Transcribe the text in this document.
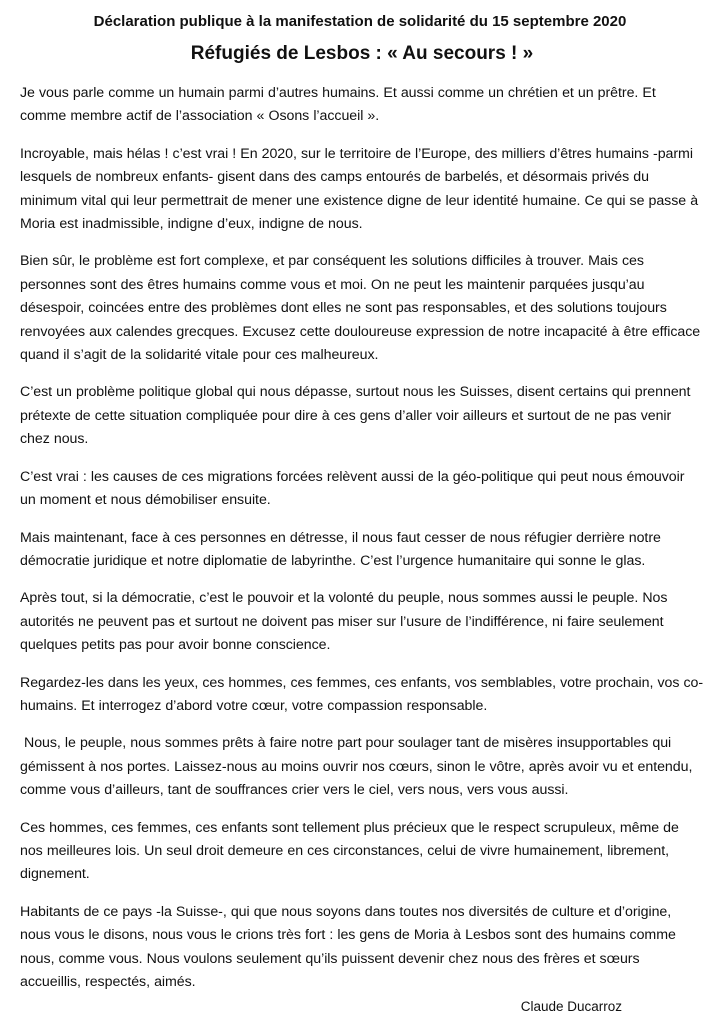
Déclaration publique à la manifestation de solidarité du 15 septembre 2020
Réfugiés de Lesbos : « Au secours ! »

Je vous parle comme un humain parmi d’autres humains. Et aussi comme un chrétien et un prêtre. Et comme membre actif de l’association « Osons l’accueil ».

Incroyable, mais hélas ! c’est vrai ! En 2020, sur le territoire de l’Europe, des milliers d’êtres humains -parmi lesquels de nombreux enfants- gisent dans des camps entourés de barbelés, et désormais privés du minimum vital qui leur permettrait de mener une existence digne de leur identité humaine. Ce qui se passe à Moria est inadmissible, indigne d’eux, indigne de nous.

Bien sûr, le problème est fort complexe, et par conséquent les solutions difficiles à trouver. Mais ces personnes sont des êtres humains comme vous et moi. On ne peut les maintenir parquées jusqu’au désespoir, coincées entre des problèmes dont elles ne sont pas responsables, et des solutions toujours renvoyées aux calendes grecques. Excusez cette douloureuse expression de notre incapacité à être efficace quand il s’agit de la solidarité vitale pour ces malheureux.

C’est un problème politique global qui nous dépasse, surtout nous les Suisses, disent certains qui prennent prétexte de cette situation compliquée pour dire à ces gens d’aller voir ailleurs et surtout de ne pas venir chez nous.

C’est vrai : les causes de ces migrations forcées relèvent aussi de la géo-politique qui peut nous émouvoir un moment et nous démobiliser ensuite.

Mais maintenant, face à ces personnes en détresse, il nous faut cesser de nous réfugier derrière notre démocratie juridique et notre diplomatie de labyrinthe. C’est l’urgence humanitaire qui sonne le glas.

Après tout, si la démocratie, c’est le pouvoir et la volonté du peuple, nous sommes aussi le peuple. Nos autorités ne peuvent pas et surtout ne doivent pas miser sur l’usure de l’indifférence, ni faire seulement quelques petits pas pour avoir bonne conscience.

Regardez-les dans les yeux, ces hommes, ces femmes, ces enfants, vos semblables, votre prochain, vos co-humains. Et interrogez d’abord votre cœur, votre compassion responsable.

Nous, le peuple, nous sommes prêts à faire notre part pour soulager tant de misères insupportables qui gémissent à nos portes. Laissez-nous au moins ouvrir nos cœurs, sinon le vôtre, après avoir vu et entendu, comme vous d’ailleurs, tant de souffrances crier vers le ciel, vers nous, vers vous aussi.

Ces hommes, ces femmes, ces enfants sont tellement plus précieux que le respect scrupuleux, même de nos meilleures lois. Un seul droit demeure en ces circonstances, celui de vivre humainement, librement, dignement.

Habitants de ce pays -la Suisse-, qui que nous soyons dans toutes nos diversités de culture et d’origine, nous vous le disons, nous vous le crions très fort : les gens de Moria à Lesbos sont des humains comme nous, comme vous. Nous voulons seulement qu’ils puissent devenir chez nous des frères et sœurs accueillis, respectés, aimés.

Claude Ducarroz
